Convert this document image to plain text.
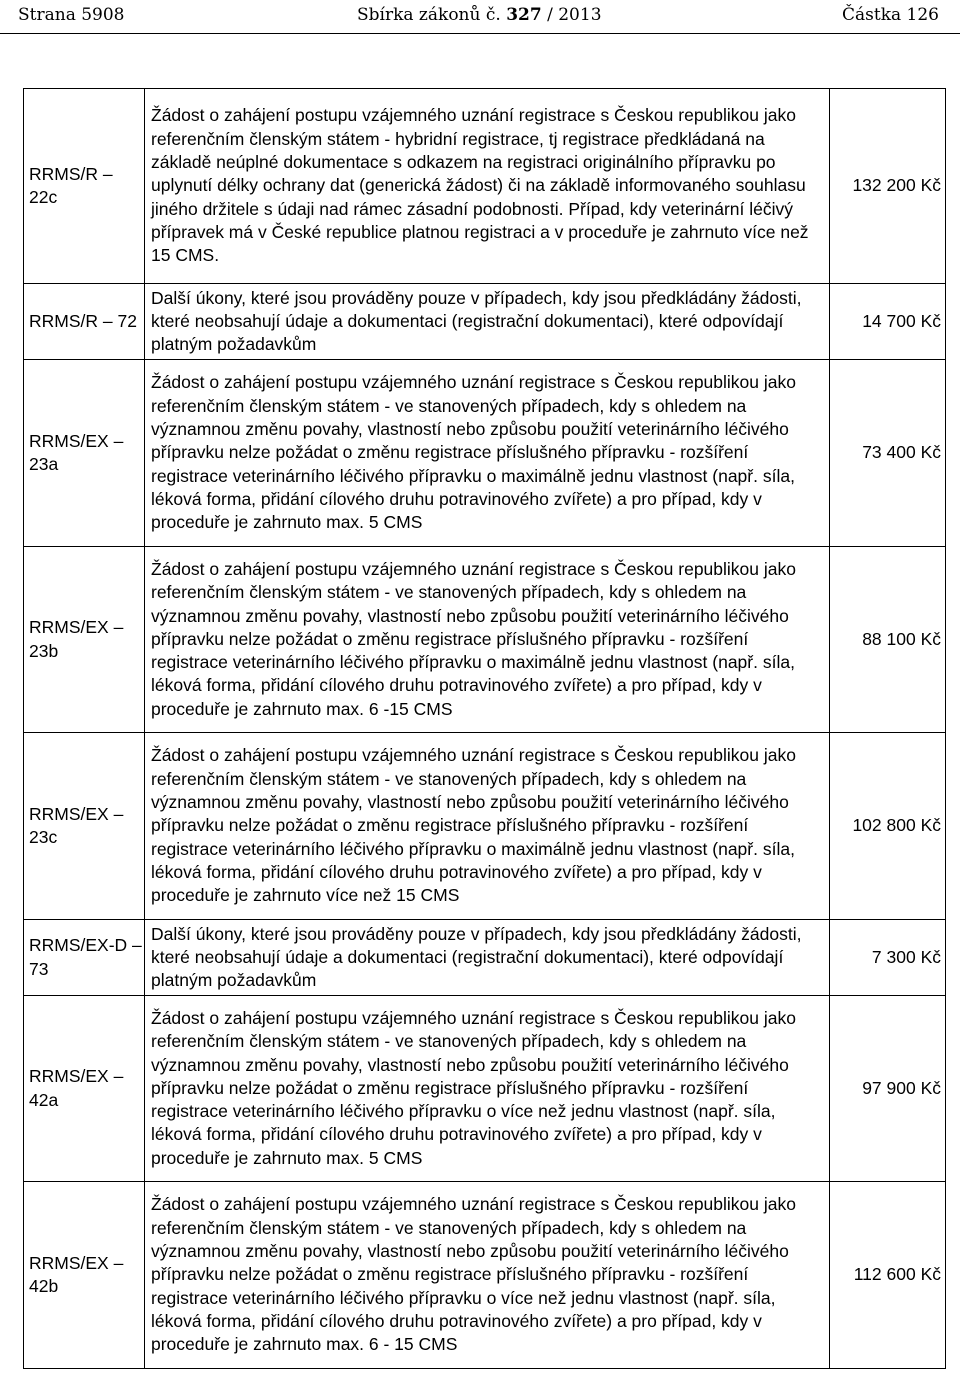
Strana 5908	Sbírka zákonů č. 327 / 2013	Částka 126
RRMS/R – 22c	Žádost o zahájení postupu vzájemného uznání registrace s Českou republikou jako referenčním členským státem - hybridní registrace, tj registrace předkládaná na základě neúplné dokumentace s odkazem na registraci originálního přípravku po uplynutí délky ochrany dat (generická žádost) či na základě informovaného souhlasu jiného držitele s údaji nad rámec zásadní podobnosti. Případ, kdy veterinární léčivý přípravek má v České republice platnou registraci a v proceduře je zahrnuto více než 15 CMS.	132 200 Kč

RRMS/R – 72	Další úkony, které jsou prováděny pouze v případech, kdy jsou předkládány žádosti, které neobsahují údaje a dokumentaci (registrační dokumentaci), které odpovídají platným požadavkům	14 700 Kč

RRMS/EX – 23a	Žádost o zahájení postupu vzájemného uznání registrace s Českou republikou jako referenčním členským státem - ve stanovených případech, kdy s ohledem na významnou změnu povahy, vlastností nebo způsobu použití veterinárního léčivého přípravku nelze požádat o změnu registrace příslušného přípravku - rozšíření registrace veterinárního léčivého přípravku o maximálně jednu vlastnost (např. síla, léková forma, přidání cílového druhu potravinového zvířete) a pro případ, kdy v proceduře je zahrnuto max. 5 CMS	73 400 Kč

RRMS/EX – 23b	Žádost o zahájení postupu vzájemného uznání registrace s Českou republikou jako referenčním členským státem - ve stanovených případech, kdy s ohledem na významnou změnu povahy, vlastností nebo způsobu použití veterinárního léčivého přípravku nelze požádat o změnu registrace příslušného přípravku - rozšíření registrace veterinárního léčivého přípravku o maximálně jednu vlastnost (např. síla, léková forma, přidání cílového druhu potravinového zvířete) a pro případ, kdy v proceduře je zahrnuto max. 6 -15 CMS	88 100 Kč

RRMS/EX – 23c	Žádost o zahájení postupu vzájemného uznání registrace s Českou republikou jako referenčním členským státem - ve stanovených případech, kdy s ohledem na významnou změnu povahy, vlastností nebo způsobu použití veterinárního léčivého přípravku nelze požádat o změnu registrace příslušného přípravku - rozšíření registrace veterinárního léčivého přípravku o maximálně jednu vlastnost (např. síla, léková forma, přidání cílového druhu potravinového zvířete) a pro případ, kdy v proceduře je zahrnuto více než 15 CMS	102 800 Kč

RRMS/EX-D – 73	Další úkony, které jsou prováděny pouze v případech, kdy jsou předkládány žádosti, které neobsahují údaje a dokumentaci (registrační dokumentaci), které odpovídají platným požadavkům	7 300 Kč

RRMS/EX – 42a	Žádost o zahájení postupu vzájemného uznání registrace s Českou republikou jako referenčním členským státem - ve stanovených případech, kdy s ohledem na významnou změnu povahy, vlastností nebo způsobu použití veterinárního léčivého přípravku nelze požádat o změnu registrace příslušného přípravku - rozšíření registrace veterinárního léčivého přípravku o více než jednu vlastnost (např. síla, léková forma, přidání cílového druhu potravinového zvířete) a pro případ, kdy v proceduře je zahrnuto max. 5 CMS	97 900 Kč

RRMS/EX – 42b	Žádost o zahájení postupu vzájemného uznání registrace s Českou republikou jako referenčním členským státem - ve stanovených případech, kdy s ohledem na významnou změnu povahy, vlastností nebo způsobu použití veterinárního léčivého přípravku nelze požádat o změnu registrace příslušného přípravku - rozšíření registrace veterinárního léčivého přípravku o více než jednu vlastnost (např. síla, léková forma, přidání cílového druhu potravinového zvířete) a pro případ, kdy v proceduře je zahrnuto max. 6 - 15 CMS	112 600 Kč
